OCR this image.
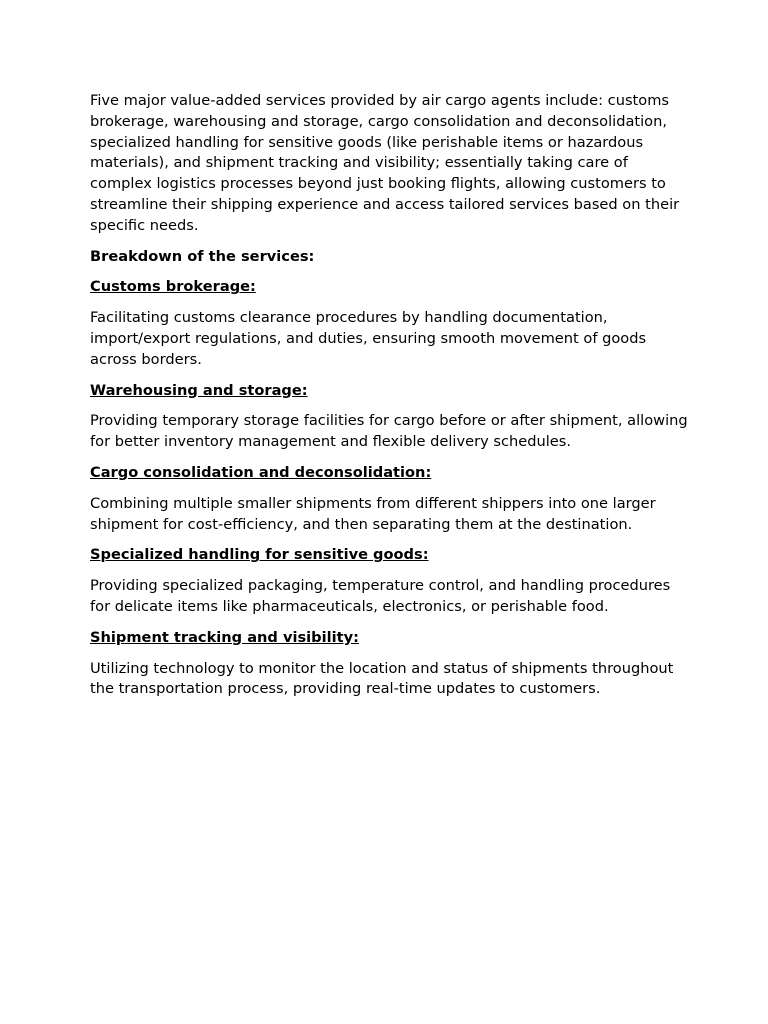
Five major value-added services provided by air cargo agents include: customs brokerage, warehousing and storage, cargo consolidation and deconsolidation, specialized handling for sensitive goods (like perishable items or hazardous materials), and shipment tracking and visibility; essentially taking care of complex logistics processes beyond just booking flights, allowing customers to streamline their shipping experience and access tailored services based on their specific needs.

Breakdown of the services:

Customs brokerage:

Facilitating customs clearance procedures by handling documentation, import/export regulations, and duties, ensuring smooth movement of goods across borders.

Warehousing and storage:

Providing temporary storage facilities for cargo before or after shipment, allowing for better inventory management and flexible delivery schedules.

Cargo consolidation and deconsolidation:

Combining multiple smaller shipments from different shippers into one larger shipment for cost-efficiency, and then separating them at the destination.

Specialized handling for sensitive goods:

Providing specialized packaging, temperature control, and handling procedures for delicate items like pharmaceuticals, electronics, or perishable food.

Shipment tracking and visibility:

Utilizing technology to monitor the location and status of shipments throughout the transportation process, providing real-time updates to customers.
